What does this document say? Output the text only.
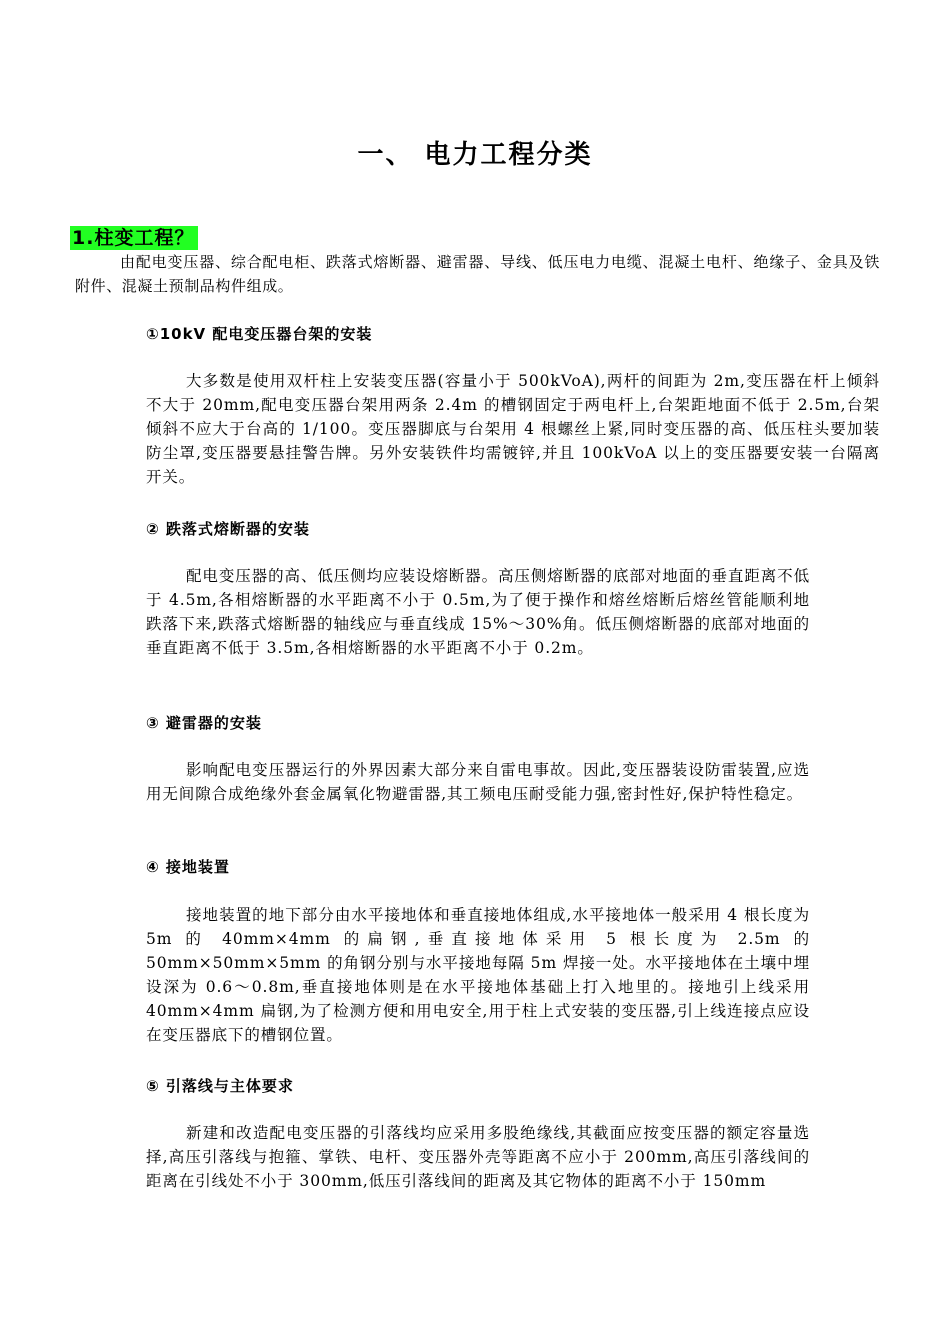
一、 电力工程分类
1.柱变工程？

由配电变压器、综合配电柜、跌落式熔断器、避雷器、导线、低压电力电缆、混凝土电杆、绝缘子、金具及铁附件、混凝土预制品构件组成。

①10kV 配电变压器台架的安装

大多数是使用双杆柱上安装变压器(容量小于 500kVoA),两杆的间距为 2m,变压器在杆上倾斜不大于 20mm,配电变压器台架用两条 2.4m 的槽钢固定于两电杆上,台架距地面不低于 2.5m,台架倾斜不应大于台高的 1/100。变压器脚底与台架用 4 根螺丝上紧,同时变压器的高、低压柱头要加装防尘罩,变压器要悬挂警告牌。另外安装铁件均需镀锌,并且 100kVoA 以上的变压器要安装一台隔离开关。

② 跌落式熔断器的安装

配电变压器的高、低压侧均应装设熔断器。高压侧熔断器的底部对地面的垂直距离不低于 4.5m,各相熔断器的水平距离不小于 0.5m,为了便于操作和熔丝熔断后熔丝管能顺利地跌落下来,跌落式熔断器的轴线应与垂直线成 15%～30%角。低压侧熔断器的底部对地面的垂直距离不低于 3.5m,各相熔断器的水平距离不小于 0.2m。

③ 避雷器的安装

影响配电变压器运行的外界因素大部分来自雷电事故。因此,变压器装设防雷装置,应选用无间隙合成绝缘外套金属氧化物避雷器,其工频电压耐受能力强,密封性好,保护特性稳定。

④ 接地装置

接地装置的地下部分由水平接地体和垂直接地体组成,水平接地体一般采用 4 根长度为 5m 的 40mm×4mm 的扁钢,垂直接地体采用 5 根长度为 2.5m 的 50mm×50mm×5mm 的角钢分别与水平接地每隔 5m 焊接一处。水平接地体在土壤中埋设深为 0.6～0.8m,垂直接地体则是在水平接地体基础上打入地里的。接地引上线采用 40mm×4mm 扁钢,为了检测方便和用电安全,用于柱上式安装的变压器,引上线连接点应设在变压器底下的槽钢位置。

⑤ 引落线与主体要求

新建和改造配电变压器的引落线均应采用多股绝缘线,其截面应按变压器的额定容量选择,高压引落线与抱箍、掌铁、电杆、变压器外壳等距离不应小于 200mm,高压引落线间的距离在引线处不小于 300mm,低压引落线间的距离及其它物体的距离不小于 150mm
